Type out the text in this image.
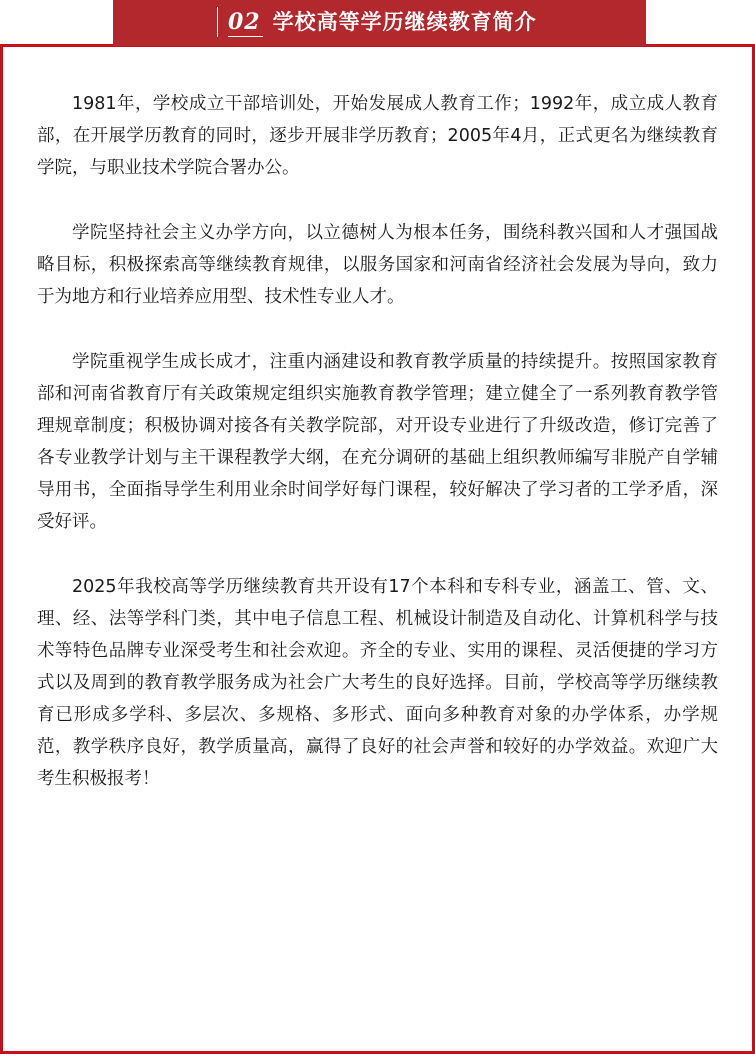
02 学校高等学历继续教育简介

1981年，学校成立干部培训处，开始发展成人教育工作；1992年，成立成人教育部，在开展学历教育的同时，逐步开展非学历教育；2005年4月，正式更名为继续教育学院，与职业技术学院合署办公。

学院坚持社会主义办学方向，以立德树人为根本任务，围绕科教兴国和人才强国战略目标，积极探索高等继续教育规律，以服务国家和河南省经济社会发展为导向，致力于为地方和行业培养应用型、技术性专业人才。

学院重视学生成长成才，注重内涵建设和教育教学质量的持续提升。按照国家教育部和河南省教育厅有关政策规定组织实施教育教学管理；建立健全了一系列教育教学管理规章制度；积极协调对接各有关教学院部，对开设专业进行了升级改造，修订完善了各专业教学计划与主干课程教学大纲，在充分调研的基础上组织教师编写非脱产自学辅导用书，全面指导学生利用业余时间学好每门课程，较好解决了学习者的工学矛盾，深受好评。

2025年我校高等学历继续教育共开设有17个本科和专科专业，涵盖工、管、文、理、经、法等学科门类，其中电子信息工程、机械设计制造及自动化、计算机科学与技术等特色品牌专业深受考生和社会欢迎。齐全的专业、实用的课程、灵活便捷的学习方式以及周到的教育教学服务成为社会广大考生的良好选择。目前，学校高等学历继续教育已形成多学科、多层次、多规格、多形式、面向多种教育对象的办学体系，办学规范，教学秩序良好，教学质量高，赢得了良好的社会声誉和较好的办学效益。欢迎广大考生积极报考！
